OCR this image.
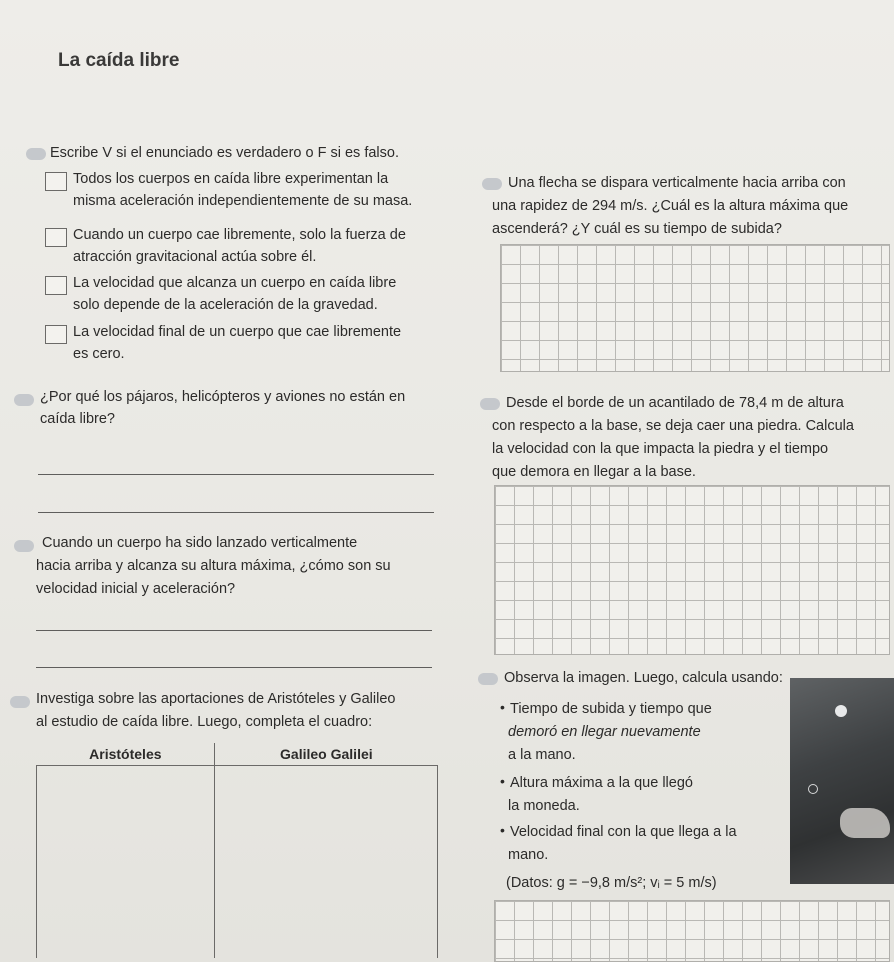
La caída libre
Escribe V si el enunciado es verdadero o F si es falso.
Todos los cuerpos en caída libre experimentan la
misma aceleración independientemente de su masa.
Cuando un cuerpo cae libremente, solo la fuerza de
atracción gravitacional actúa sobre él.
La velocidad que alcanza un cuerpo en caída libre
solo depende de la aceleración de la gravedad.
La velocidad final de un cuerpo que cae libremente
es cero.
¿Por qué los pájaros, helicópteros y aviones no están en
caída libre?
Cuando un cuerpo ha sido lanzado verticalmente
hacia arriba y alcanza su altura máxima, ¿cómo son su
velocidad inicial y aceleración?
Investiga sobre las aportaciones de Aristóteles y Galileo
al estudio de caída libre. Luego, completa el cuadro:
Aristóteles	Galileo Galilei

Una flecha se dispara verticalmente hacia arriba con
una rapidez de 294 m/s. ¿Cuál es la altura máxima que
ascenderá? ¿Y cuál es su tiempo de subida?
Desde el borde de un acantilado de 78,4 m de altura
con respecto a la base, se deja caer una piedra. Calcula
la velocidad con la que impacta la piedra y el tiempo
que demora en llegar a la base.
Observa la imagen. Luego, calcula usando:
• Tiempo de subida y tiempo que
demoró en llegar nuevamente
a la mano.
• Altura máxima a la que llegó
la moneda.
• Velocidad final con la que llega a la
mano.
(Datos: g = −9,8 m/s²; vᵢ = 5 m/s)
